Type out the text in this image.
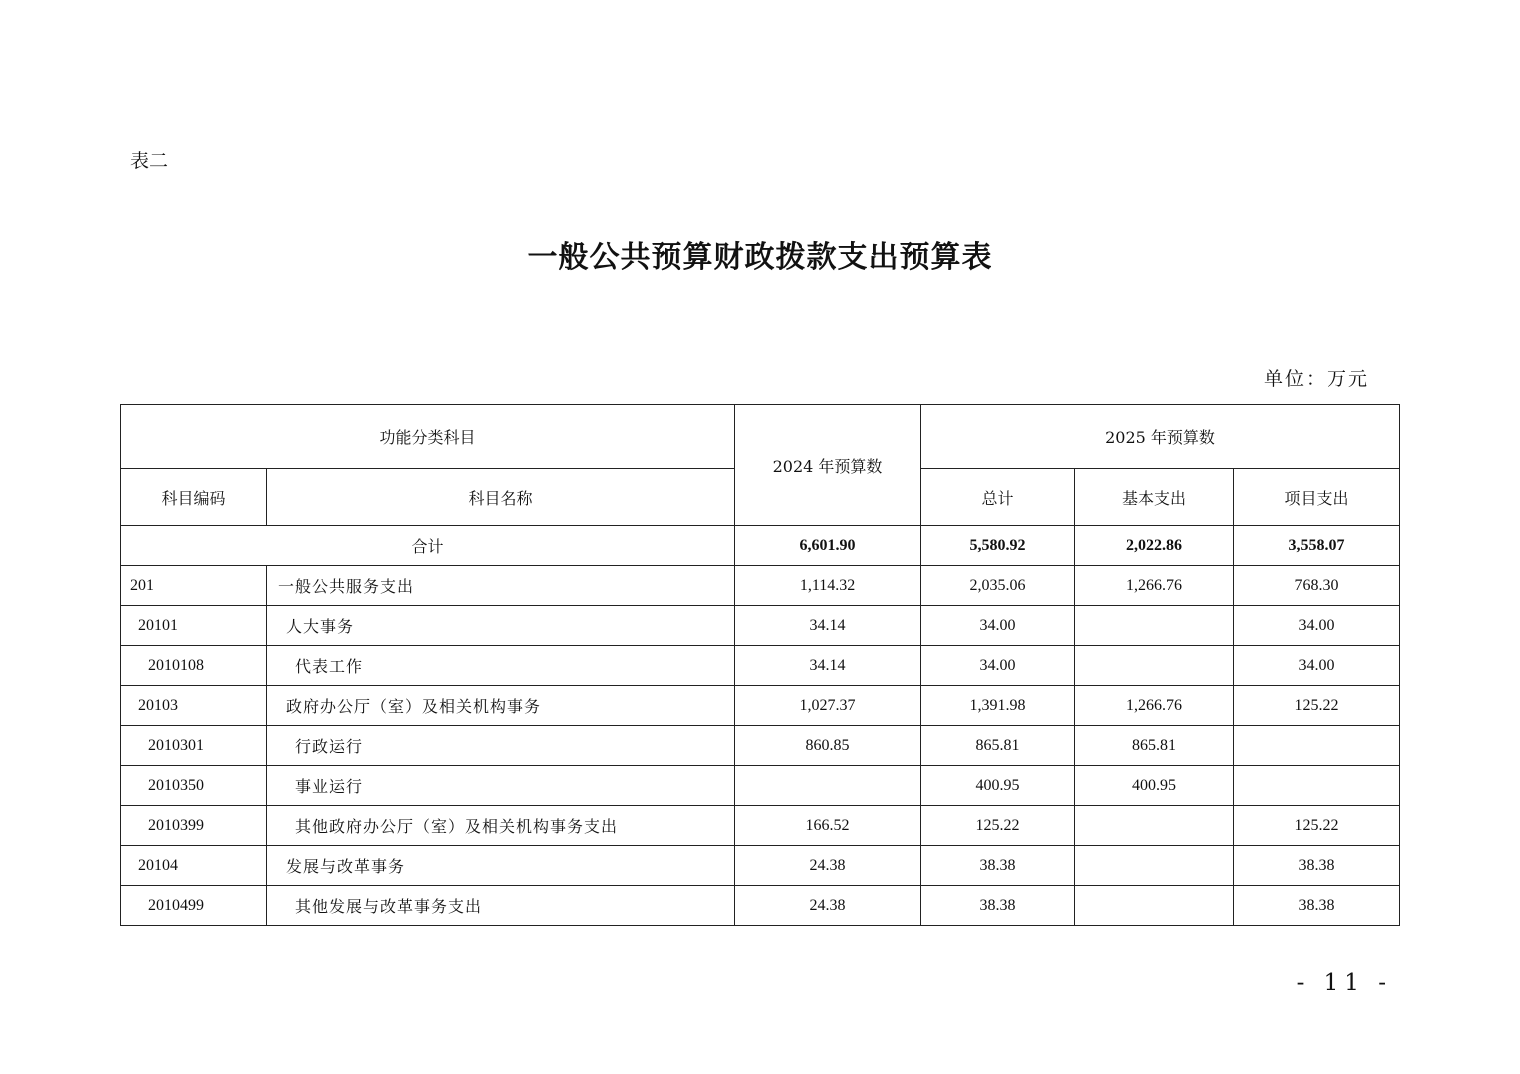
表二
一般公共预算财政拨款支出预算表
单位：万元
功能分类科目		2024 年预算数	2025 年预算数		
科目编码	科目名称		总计	基本支出	项目支出
合计		6,601.90	5,580.92	2,022.86	3,558.07
201	一般公共服务支出	1,114.32	2,035.06	1,266.76	768.30
20101	人大事务	34.14	34.00		34.00
2010108	代表工作	34.14	34.00		34.00
20103	政府办公厅（室）及相关机构事务	1,027.37	1,391.98	1,266.76	125.22
2010301	行政运行	860.85	865.81	865.81	
2010350	事业运行		400.95	400.95	
2010399	其他政府办公厅（室）及相关机构事务支出	166.52	125.22		125.22
20104	发展与改革事务	24.38	38.38		38.38
2010499	其他发展与改革事务支出	24.38	38.38		38.38
- 11 -
